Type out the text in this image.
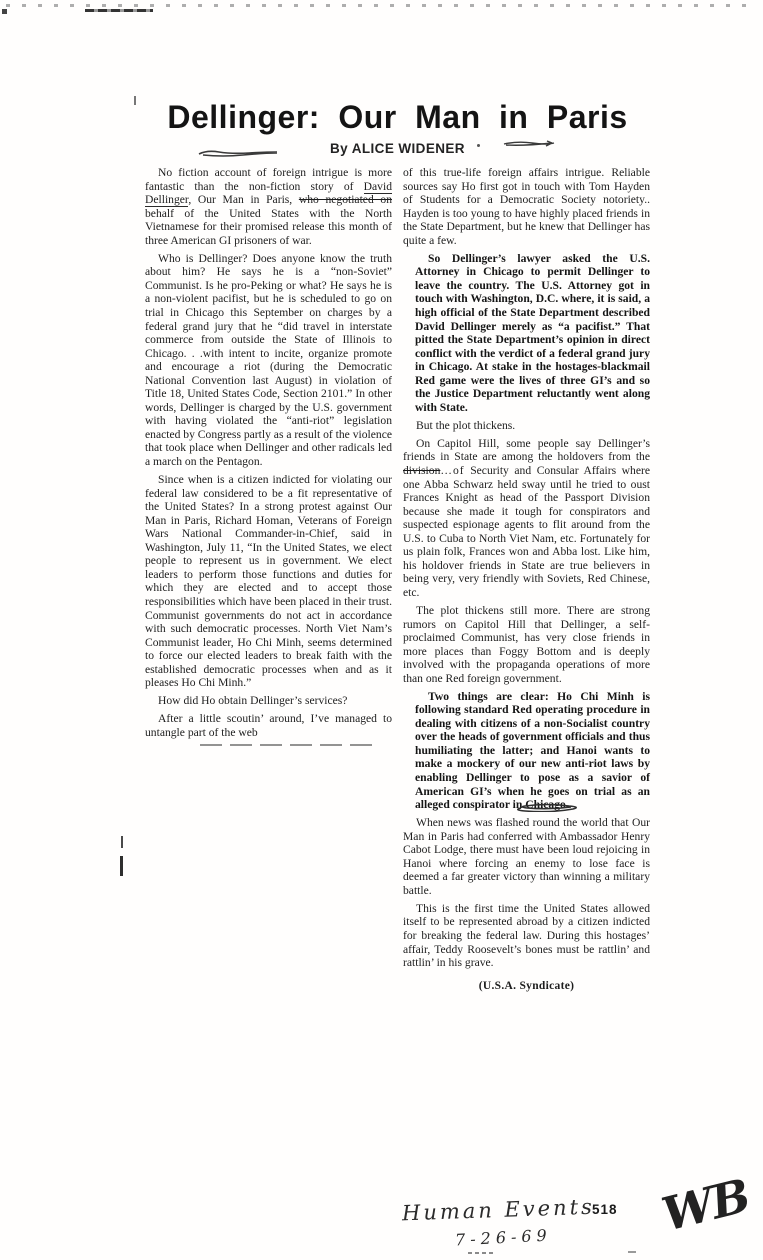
Dellinger: Our Man in Paris
By ALICE WIDENER

No fiction account of foreign intrigue is more fantastic than the non-fiction story of David Dellinger, Our Man in Paris, who negotiated on behalf of the United States with the North Vietnamese for their promised release this month of three American GI prisoners of war.

Who is Dellinger? Does anyone know the truth about him? He says he is a “non-Soviet” Communist. Is he pro-Peking or what? He says he is a non-violent pacifist, but he is scheduled to go on trial in Chicago this September on charges by a federal grand jury that he “did travel in interstate commerce from outside the State of Illinois to Chicago. . .with intent to incite, organize promote and encourage a riot (during the Democratic National Convention last August) in violation of Title 18, United States Code, Section 2101.” In other words, Dellinger is charged by the U.S. government with having violated the “anti-riot” legislation enacted by Congress partly as a result of the violence that took place when Dellinger and other radicals led a march on the Pentagon.

Since when is a citizen indicted for violating our federal law considered to be a fit representative of the United States? In a strong protest against Our Man in Paris, Richard Homan, Veterans of Foreign Wars National Commander-in-Chief, said in Washington, July 11, “In the United States, we elect people to represent us in government. We elect leaders to perform those functions and duties for which they are elected and to accept those responsibilities which have been placed in their trust. Communist governments do not act in accordance with such democratic processes. North Viet Nam’s Communist leader, Ho Chi Minh, seems determined to force our elected leaders to break faith with the established democratic processes when and as it pleases Ho Chi Minh.”

How did Ho obtain Dellinger’s services?

After a little scoutin’ around, I’ve managed to untangle part of the web

of this true-life foreign affairs intrigue. Reliable sources say Ho first got in touch with Tom Hayden of Students for a Democratic Society notoriety.. Hayden is too young to have highly placed friends in the State Department, but he knew that Dellinger has quite a few.

So Dellinger’s lawyer asked the U.S. Attorney in Chicago to permit Dellinger to leave the country. The U.S. Attorney got in touch with Washington, D.C. where, it is said, a high official of the State Department described David Dellinger merely as “a pacifist.” That pitted the State Department’s opinion in direct conflict with the verdict of a federal grand jury in Chicago. At stake in the hostages-blackmail Red game were the lives of three GI’s and so the Justice Department reluctantly went along with State.

But the plot thickens.

On Capitol Hill, some people say Dellinger’s friends in State are among the holdovers from the division…of Security and Consular Affairs where one Abba Schwarz held sway until he tried to oust Frances Knight as head of the Passport Division because she made it tough for conspirators and suspected espionage agents to flit around from the U.S. to Cuba to North Viet Nam, etc. Fortunately for us plain folk, Frances won and Abba lost. Like him, his holdover friends in State are true believers in being very, very friendly with Soviets, Red Chinese, etc.

The plot thickens still more. There are strong rumors on Capitol Hill that Dellinger, a self-proclaimed Communist, has very close friends in more places than Foggy Bottom and is deeply involved with the propaganda operations of more than one Red foreign government.

Two things are clear: Ho Chi Minh is following standard Red operating procedure in dealing with citizens of a non-Socialist country over the heads of government officials and thus humiliating the latter; and Hanoi wants to make a mockery of our new anti-riot laws by enabling Dellinger to pose as a savior of American GI’s when he goes on trial as an alleged conspirator in Chicago.

When news was flashed round the world that Our Man in Paris had conferred with Ambassador Henry Cabot Lodge, there must have been loud rejoicing in Hanoi where forcing an enemy to lose face is deemed a far greater victory than winning a military battle.

This is the first time the United States allowed itself to be represented abroad by a citizen indicted for breaking the federal law. During this hostages’ affair, Teddy Roosevelt’s bones must be rattlin’ and rattlin’ in his grave.

(U.S.A. Syndicate)

Human Events
7-26-69
518 WB
